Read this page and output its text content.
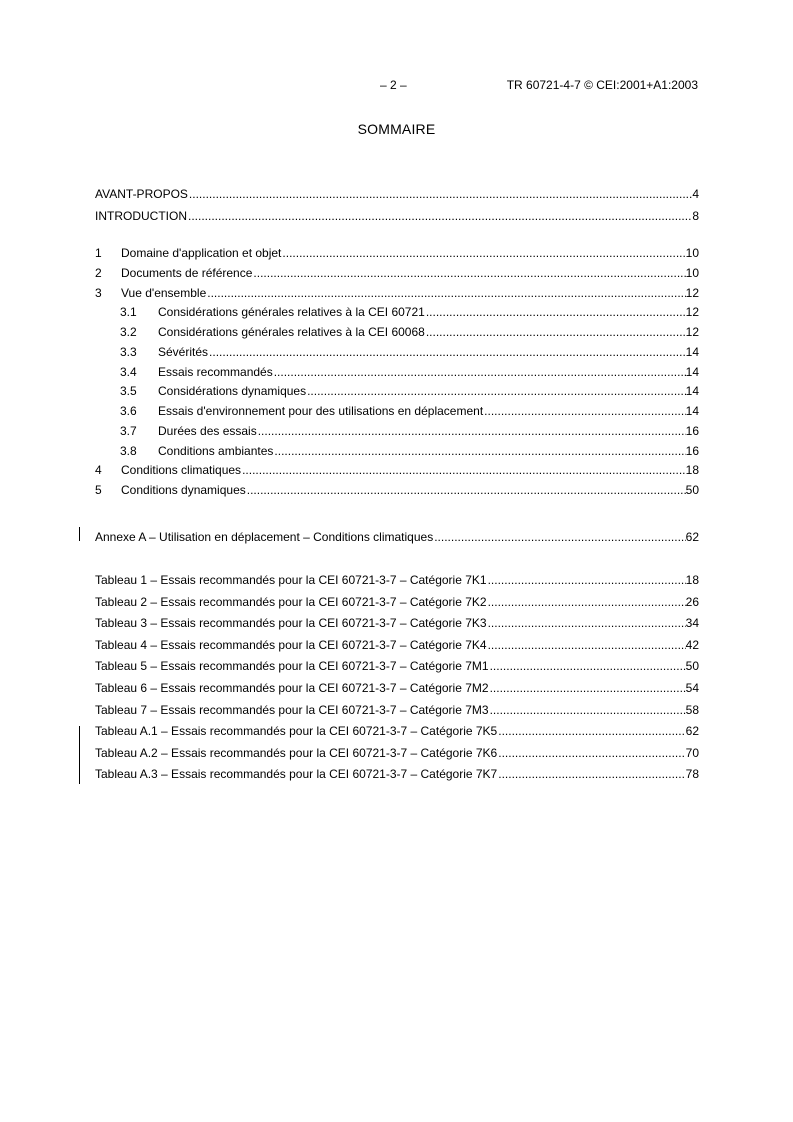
– 2 –	TR 60721-4-7 © CEI:2001+A1:2003
SOMMAIRE
AVANT-PROPOS .....	4
INTRODUCTION .....	8
1	Domaine d'application et objet .....	10
2	Documents de référence .....	10
3	Vue d'ensemble .....	12
3.1	Considérations générales relatives à la CEI 60721 .....	12
3.2	Considérations générales relatives à la CEI 60068 .....	12
3.3	Sévérités .....	14
3.4	Essais recommandés .....	14
3.5	Considérations dynamiques .....	14
3.6	Essais d'environnement pour des utilisations en déplacement .....	14
3.7	Durées des essais .....	16
3.8	Conditions ambiantes .....	16
4	Conditions climatiques .....	18
5	Conditions dynamiques .....	50
Annexe A – Utilisation en déplacement – Conditions climatiques .....	62
Tableau 1 – Essais recommandés pour la CEI 60721-3-7 – Catégorie 7K1 .....	18
Tableau 2 – Essais recommandés pour la CEI 60721-3-7 – Catégorie 7K2 .....	26
Tableau 3 – Essais recommandés pour la CEI 60721-3-7 – Catégorie 7K3 .....	34
Tableau 4 – Essais recommandés pour la CEI 60721-3-7 – Catégorie 7K4 .....	42
Tableau 5 – Essais recommandés pour la CEI 60721-3-7 – Catégorie 7M1 .....	50
Tableau 6 – Essais recommandés pour la CEI 60721-3-7 – Catégorie 7M2 .....	54
Tableau 7 – Essais recommandés pour la CEI 60721-3-7 – Catégorie 7M3 .....	58
Tableau A.1 – Essais recommandés pour la CEI 60721-3-7 – Catégorie 7K5 .....	62
Tableau A.2 – Essais recommandés pour la CEI 60721-3-7 – Catégorie 7K6 .....	70
Tableau A.3 – Essais recommandés pour la CEI 60721-3-7 – Catégorie 7K7 .....	78
